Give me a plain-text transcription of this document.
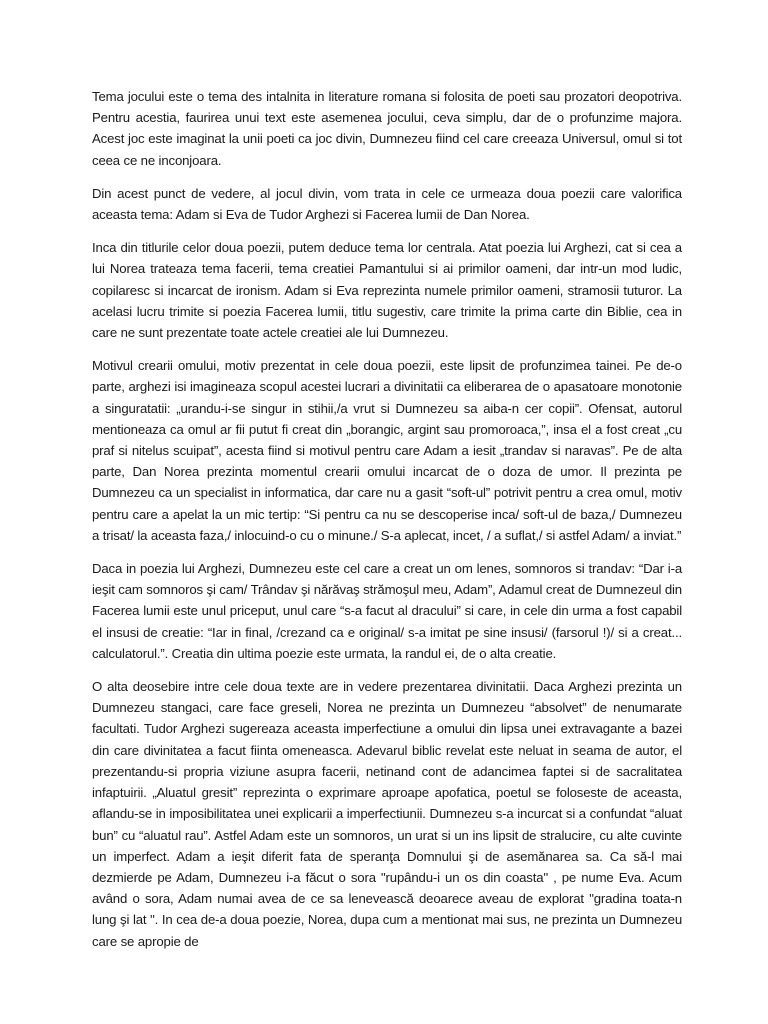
Tema jocului este o tema des intalnita in literature romana si folosita de poeti sau prozatori deopotriva. Pentru acestia, faurirea unui text este asemenea jocului, ceva simplu, dar de o profunzime majora. Acest joc este imaginat la unii poeti ca joc divin, Dumnezeu fiind cel care creeaza Universul, omul si tot ceea ce ne inconjoara.

Din acest punct de vedere, al jocul divin, vom trata in cele ce urmeaza doua poezii care valorifica aceasta tema: Adam si Eva de Tudor Arghezi si Facerea lumii de Dan Norea.

Inca din titlurile celor doua poezii, putem deduce tema lor centrala. Atat poezia lui Arghezi, cat si cea a lui Norea trateaza tema facerii, tema creatiei Pamantului si ai primilor oameni, dar intr-un mod ludic, copilaresc si incarcat de ironism. Adam si Eva reprezinta numele primilor oameni, stramosii tuturor. La acelasi lucru trimite si poezia Facerea lumii, titlu sugestiv, care trimite la prima carte din Biblie, cea in care ne sunt prezentate toate actele creatiei ale lui Dumnezeu.

Motivul crearii omului, motiv prezentat in cele doua poezii, este lipsit de profunzimea tainei. Pe de-o parte, arghezi isi imagineaza scopul acestei lucrari a divinitatii ca eliberarea de o apasatoare monotonie a singuratatii: „urandu-i-se singur in stihii,/a vrut si Dumnezeu sa aiba-n cer copii”. Ofensat, autorul mentioneaza ca omul ar fii putut fi creat din „borangic, argint sau promoroaca,”, insa el a fost creat „cu praf si nitelus scuipat”, acesta fiind si motivul pentru care Adam a iesit „trandav si naravas”. Pe de alta parte, Dan Norea prezinta momentul crearii omului incarcat de o doza de umor. Il prezinta pe Dumnezeu ca un specialist in informatica, dar care nu a gasit “soft-ul” potrivit pentru a crea omul, motiv pentru care a apelat la un mic tertip: “Si pentru ca nu se descoperise inca/ soft-ul de baza,/ Dumnezeu a trisat/ la aceasta faza,/ inlocuind-o cu o minune./ S-a aplecat, incet, / a suflat,/ si astfel Adam/ a inviat.”

Daca in poezia lui Arghezi, Dumnezeu este cel care a creat un om lenes, somnoros si trandav: “Dar i-a ieşit cam somnoros şi cam/ Trândav şi nărăvaş strămoşul meu, Adam”, Adamul creat de Dumnezeul din Facerea lumii este unul priceput, unul care “s-a facut al dracului” si care, in cele din urma a fost capabil el insusi de creatie: “Iar in final, /crezand ca e original/ s-a imitat pe sine insusi/ (farsorul !)/ si a creat... calculatorul.”. Creatia din ultima poezie este urmata, la randul ei, de o alta creatie.

O alta deosebire intre cele doua texte are in vedere prezentarea divinitatii. Daca Arghezi prezinta un Dumnezeu stangaci, care face greseli, Norea ne prezinta un Dumnezeu “absolvet” de nenumarate facultati. Tudor Arghezi sugereaza aceasta imperfectiune a omului din lipsa unei extravagante a bazei din care divinitatea a facut fiinta omeneasca. Adevarul biblic revelat este neluat in seama de autor, el prezentandu-si propria viziune asupra facerii, netinand cont de adancimea faptei si de sacralitatea infaptuirii. „Aluatul gresit” reprezinta o exprimare aproape apofatica, poetul se foloseste de aceasta, aflandu-se in imposibilitatea unei explicarii a imperfectiunii. Dumnezeu s-a incurcat si a confundat “aluat bun” cu “aluatul rau”. Astfel Adam este un somnoros, un urat si un ins lipsit de stralucire, cu alte cuvinte un imperfect. Adam a ieşit diferit fata de speranţa Domnului şi de asemănarea sa. Ca să-l mai dezmierde pe Adam, Dumnezeu i-a făcut o sora "rupându-i un os din coasta" , pe nume Eva. Acum având o sora, Adam numai avea de ce sa lenevească deoarece aveau de explorat "gradina toata-n lung şi lat ". In cea de-a doua poezie, Norea, dupa cum a mentionat mai sus, ne prezinta un Dumnezeu care se apropie de
